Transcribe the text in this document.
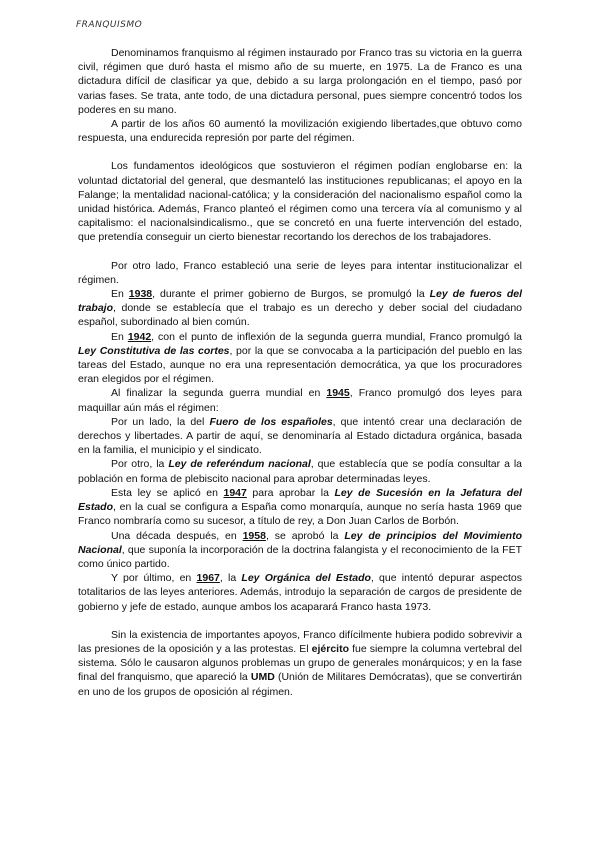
FRANQUISMO

Denominamos franquismo al régimen instaurado por Franco tras su victoria en la guerra civil, régimen que duró hasta el mismo año de su muerte, en 1975. La de Franco es una dictadura difícil de clasificar ya que, debido a su larga prolongación en el tiempo, pasó por varias fases. Se trata, ante todo, de una dictadura personal, pues siempre concentró todos los poderes en su mano.

A partir de los años 60 aumentó la movilización exigiendo libertades,que obtuvo como respuesta, una endurecida represión por parte del régimen.

Los fundamentos ideológicos que sostuvieron el régimen podían englobarse en: la voluntad dictatorial del general, que desmanteló las instituciones republicanas; el apoyo en la Falange; la mentalidad nacional-católica; y la consideración del nacionalismo español como la unidad histórica. Además, Franco planteó el régimen como una tercera vía al comunismo y al capitalismo: el nacionalsindicalismo., que se concretó en una fuerte intervención del estado, que pretendía conseguir un cierto bienestar recortando los derechos de los trabajadores.

Por otro lado, Franco estableció una serie de leyes para intentar institucionalizar el régimen.

En 1938, durante el primer gobierno de Burgos, se promulgó la Ley de fueros del trabajo, donde se establecía que el trabajo es un derecho y deber social del ciudadano español, subordinado al bien común.

En 1942, con el punto de inflexión de la segunda guerra mundial, Franco promulgó la Ley Constitutiva de las cortes, por la que se convocaba a la participación del pueblo en las tareas del Estado, aunque no era una representación democrática, ya que los procuradores eran elegidos por el régimen.

Al finalizar la segunda guerra mundial en 1945, Franco promulgó dos leyes para maquillar aún más el régimen:

Por un lado, la del Fuero de los españoles, que intentó crear una declaración de derechos y libertades. A partir de aquí, se denominaría al Estado dictadura orgánica, basada en la familia, el municipio y el sindicato.

Por otro, la Ley de referéndum nacional, que establecía que se podía consultar a la población en forma de plebiscito nacional para aprobar determinadas leyes.

Esta ley se aplicó en 1947 para aprobar la Ley de Sucesión en la Jefatura del Estado, en la cual se configura a España como monarquía, aunque no sería hasta 1969 que Franco nombraría como su sucesor, a título de rey, a Don Juan Carlos de Borbón.

Una década después, en 1958, se aprobó la Ley de principios del Movimiento Nacional, que suponía la incorporación de la doctrina falangista y el reconocimiento de la FET como único partido.

Y por último, en 1967, la Ley Orgánica del Estado, que intentó depurar aspectos totalitarios de las leyes anteriores. Además, introdujo la separación de cargos de presidente de gobierno y jefe de estado, aunque ambos los acaparará Franco hasta 1973.

Sin la existencia de importantes apoyos, Franco difícilmente hubiera podido sobrevivir a las presiones de la oposición y a las protestas. El ejército fue siempre la columna vertebral del sistema. Sólo le causaron algunos problemas un grupo de generales monárquicos; y en la fase final del franquismo, que apareció la UMD (Unión de Militares Demócratas), que se convertirán en uno de los grupos de oposición al régimen.
